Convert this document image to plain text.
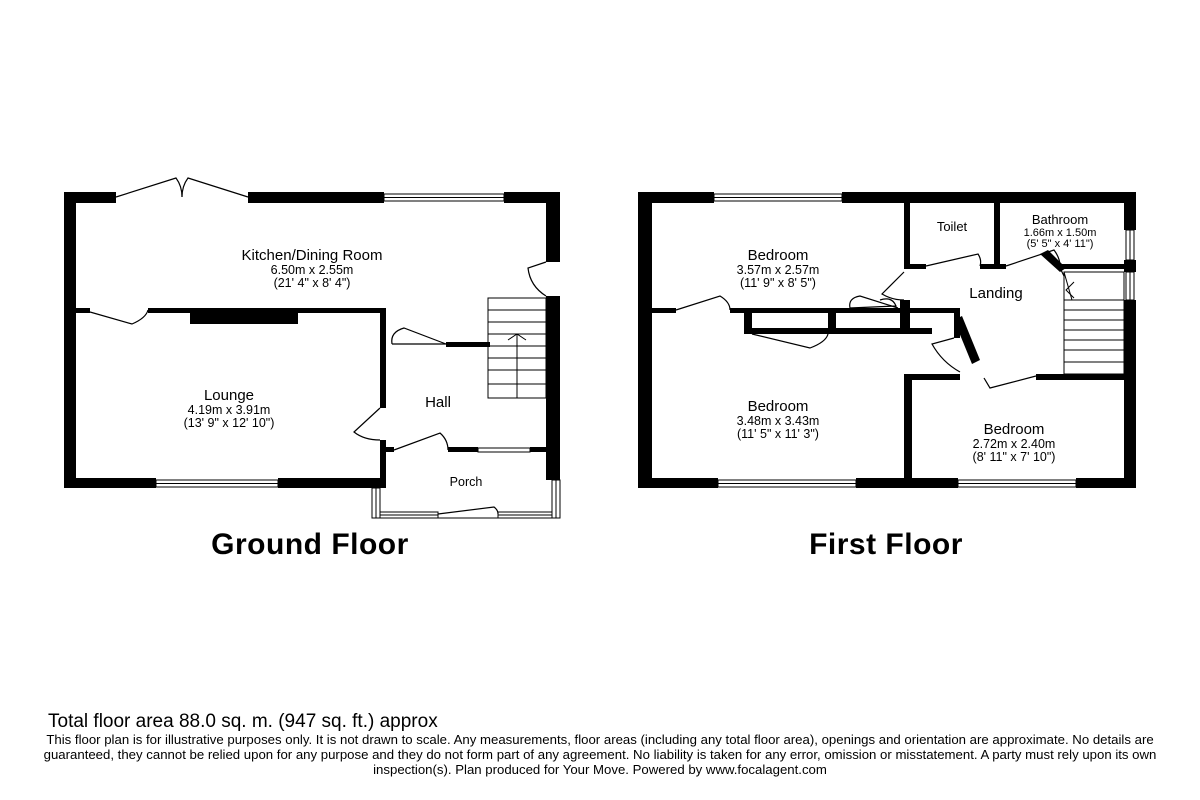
Kitchen/Dining Room
6.50m x 2.55m
(21' 4" x 8' 4")
Lounge
4.19m x 3.91m
(13' 9" x 12' 10")
Hall
Porch
Ground Floor
Bedroom
3.57m x 2.57m
(11' 9" x 8' 5")
Toilet	Bathroom
1.66m x 1.50m
(5' 5" x 4' 11")
Landing
Bedroom
3.48m x 3.43m
(11' 5" x 11' 3")	Bedroom
2.72m x 2.40m
(8' 11" x 7' 10")
First Floor
Total floor area 88.0 sq. m. (947 sq. ft.) approx
This floor plan is for illustrative purposes only. It is not drawn to scale. Any measurements, floor areas (including any total floor area), openings and orientation are approximate. No details are guaranteed, they cannot be relied upon for any purpose and they do not form part of any agreement. No liability is taken for any error, omission or misstatement. A party must rely upon its own inspection(s). Plan produced for Your Move. Powered by www.focalagent.com
